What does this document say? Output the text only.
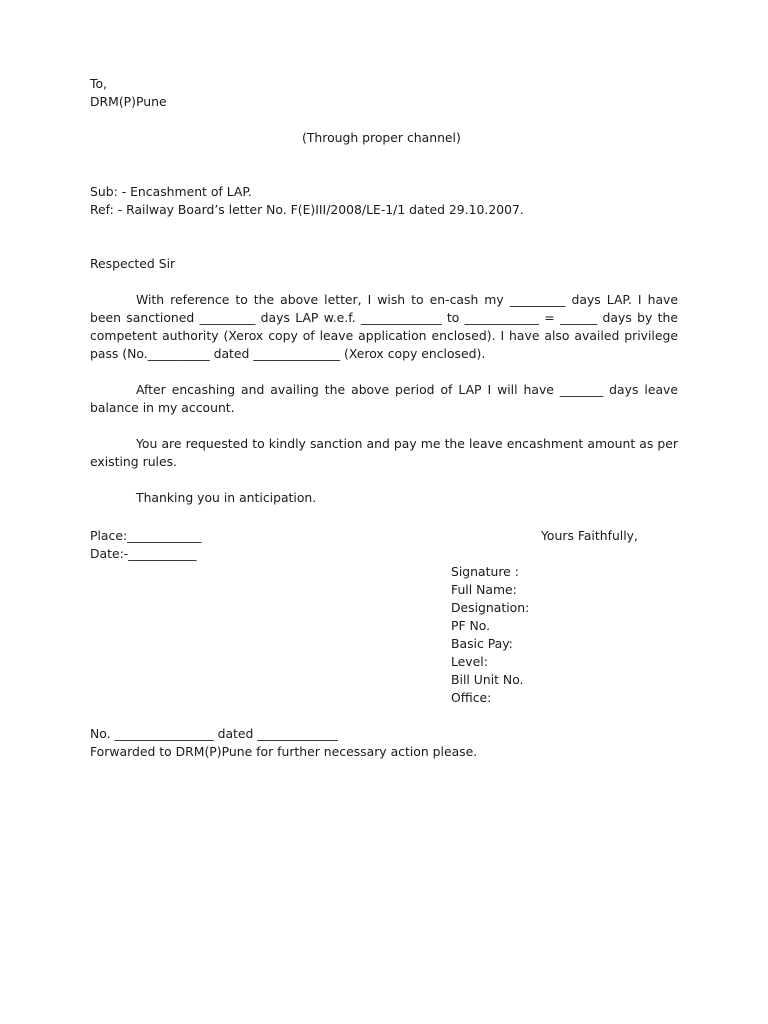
To,
DRM(P)Pune
(Through proper channel)
Sub: - Encashment of LAP.
Ref: - Railway Board’s letter No. F(E)III/2008/LE-1/1 dated 29.10.2007.
Respected Sir
With reference to the above letter, I wish to en-cash my _________ days LAP. I have been sanctioned _________ days LAP w.e.f. _____________ to ____________ = ______ days by the competent authority (Xerox copy of leave application enclosed). I have also availed privilege pass (No.__________ dated ______________ (Xerox copy enclosed).
After encashing and availing the above period of LAP I will have _______ days leave balance in my account.
You are requested to kindly sanction and pay me the leave encashment amount as per existing rules.
Thanking you in anticipation.
Place:____________
Date:-___________
Yours Faithfully,
Signature :
Full Name:
Designation:
PF No.
Basic Pay:
Level:
Bill Unit No.
Office:
No. ________________ dated _____________
Forwarded to DRM(P)Pune for further necessary action please.
